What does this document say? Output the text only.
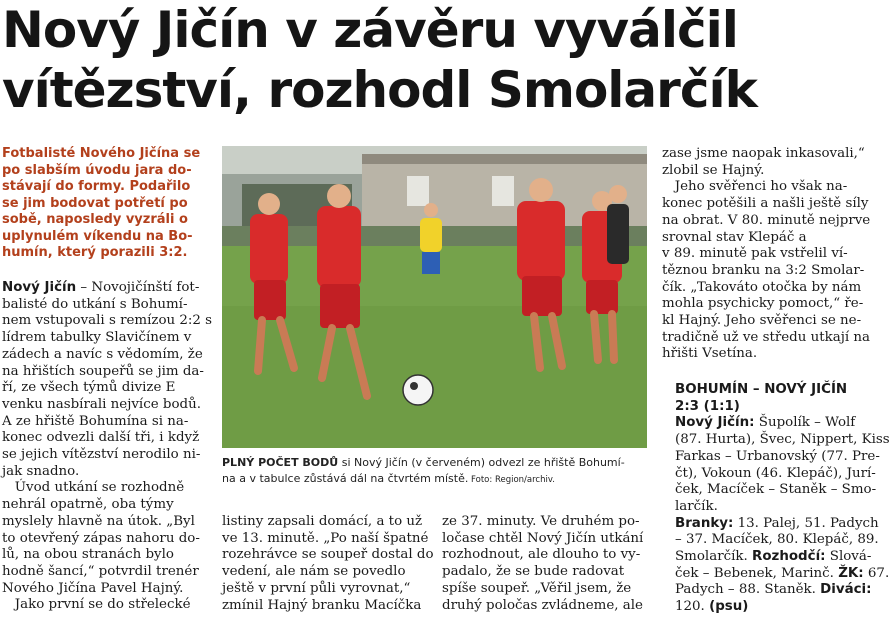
Nový Jičín v závěru vyválčil
vítězství, rozhodl Smolarčík
Fotbalisté Nového Jičína se
po slabším úvodu jara do-
stávají do formy. Podařilo
se jim bodovat potřetí po
sobě, naposledy vyzráli o
uplynulém víkendu na Bo-
humín, který porazili 3:2.
Nový Jičín – Novojičínští fot-
balisté do utkání s Bohumí-
nem vstupovali s remízou 2:2 s
lídrem tabulky Slavičínem v
zádech a navíc s vědomím, že
na hřištích soupeřů se jim da-
ří, ze všech týmů divize E
venku nasbírali nejvíce bodů.
A ze hřiště Bohumína si na-
konec odvezli další tři, i když
se jejich vítězství nerodilo ni-
jak snadno.
Úvod utkání se rozhodně
nehrál opatrně, oba týmy
myslely hlavně na útok. „Byl
to otevřený zápas nahoru do-
lů, na obou stranách bylo
hodně šancí,“ potvrdil trenér
Nového Jičína Pavel Hajný.
Jako první se do střelecké
PLNÝ POČET BODŮ si Nový Jičín (v červeném) odvezl ze hřiště Bohumí-
na a v tabulce zůstává dál na čtvrtém místě. Foto: Region/archiv.
listiny zapsali domácí, a to už
ve 13. minutě. „Po naší špatné
rozehrávce se soupeř dostal do
vedení, ale nám se povedlo
ještě v první půli vyrovnat,“
zmínil Hajný branku Macíčka
ze 37. minuty. Ve druhém po-
ločase chtěl Nový Jičín utkání
rozhodnout, ale dlouho to vy-
padalo, že se bude radovat
spíše soupeř. „Věřil jsem, že
druhý poločas zvládneme, ale
zase jsme naopak inkasovali,“
zlobil se Hajný.
Jeho svěřenci ho však na-
konec potěšili a našli ještě síly
na obrat. V 80. minutě nejprve
srovnal stav Klepáč a
v 89. minutě pak vstřelil ví-
těznou branku na 3:2 Smolar-
čík. „Takováto otočka by nám
mohla psychicky pomoct,“ ře-
kl Hajný. Jeho svěřenci se ne-
tradičně už ve středu utkají na
hřišti Vsetína.
BOHUMÍN – NOVÝ JIČÍN
2:3 (1:1)
Nový Jičín: Šupolík – Wolf
(87. Hurta), Švec, Nippert, Kiss
Farkas – Urbanovský (77. Pre-
čt), Vokoun (46. Klepáč), Jurí-
ček, Macíček – Staněk – Smo-
larčík.
Branky: 13. Palej, 51. Padych
– 37. Macíček, 80. Klepáč, 89.
Smolarčík. Rozhodčí: Slová-
ček – Bebenek, Marinč. ŽK: 67.
Padych – 88. Staněk. Diváci:
120. (psu)
